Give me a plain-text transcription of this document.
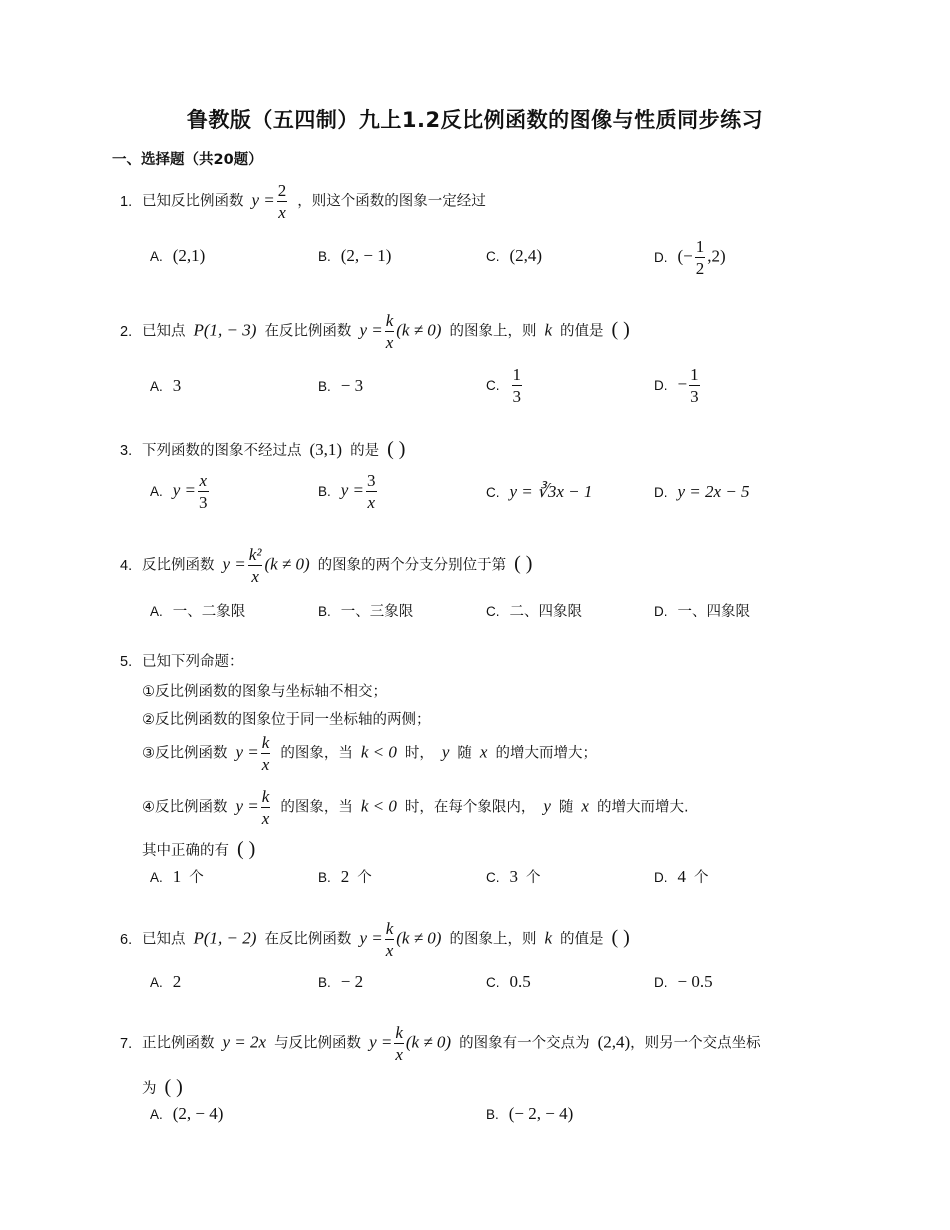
鲁教版（五四制）九上1.2反比例函数的图像与性质同步练习
一、选择题（共20题）
1. 已知反比例函数 $y = \frac{2}{x}$ ，则这个函数的图象一定经过
A. (2,1)	B. (2, − 1)	C. (2,4)	D. (− $\frac{1}{2} ,2$)
2. 已知点 P(1, − 3) 在反比例函数 $y = \frac{k}{x} (k \ne 0)$ 的图象上，则 k 的值是 ( )
A. 3	B. − 3	C. $\frac{1}{3}$	D. − $\frac{1}{3}$
3. 下列函数的图象不经过点 (3,1) 的是 ( )
A. $y = \frac{x}{3}$	B. $y = \frac{3}{x}$	C. y = ∛3x − 1	D. y = 2x − 5
4. 反比例函数 $y = \frac{\text{k²}}{x} (k \ne 0)$ 的图象的两个分支分别位于第 ( )
A. 一、二象限	B. 一、三象限	C. 二、四象限	D. 一、四象限
5. 已知下列命题：
①反比例函数的图象与坐标轴不相交；
②反比例函数的图象位于同一坐标轴的两侧；
③反比例函数 $y = \frac{k}{x}$ 的图象，当 k < 0 时， y 随 x 的增大而增大；
④反比例函数 $y = \frac{k}{x}$ 的图象，当 k < 0 时，在每个象限内， y 随 x 的增大而增大.
其中正确的有 ( )
A. 1 个	B. 2 个	C. 3 个	D. 4 个
6. 已知点 P(1, − 2) 在反比例函数 $y = \frac{k}{x} (k \ne 0)$ 的图象上，则 k 的值是 ( )
A. 2	B. − 2	C. 0.5	D. − 0.5
7. 正比例函数 y = 2x 与反比例函数 $y = \frac{k}{x} (k \ne 0)$ 的图象有一个交点为 (2,4)，则另一个交点坐标
为 ( )
A. (2, − 4)	B. (− 2, − 4)
